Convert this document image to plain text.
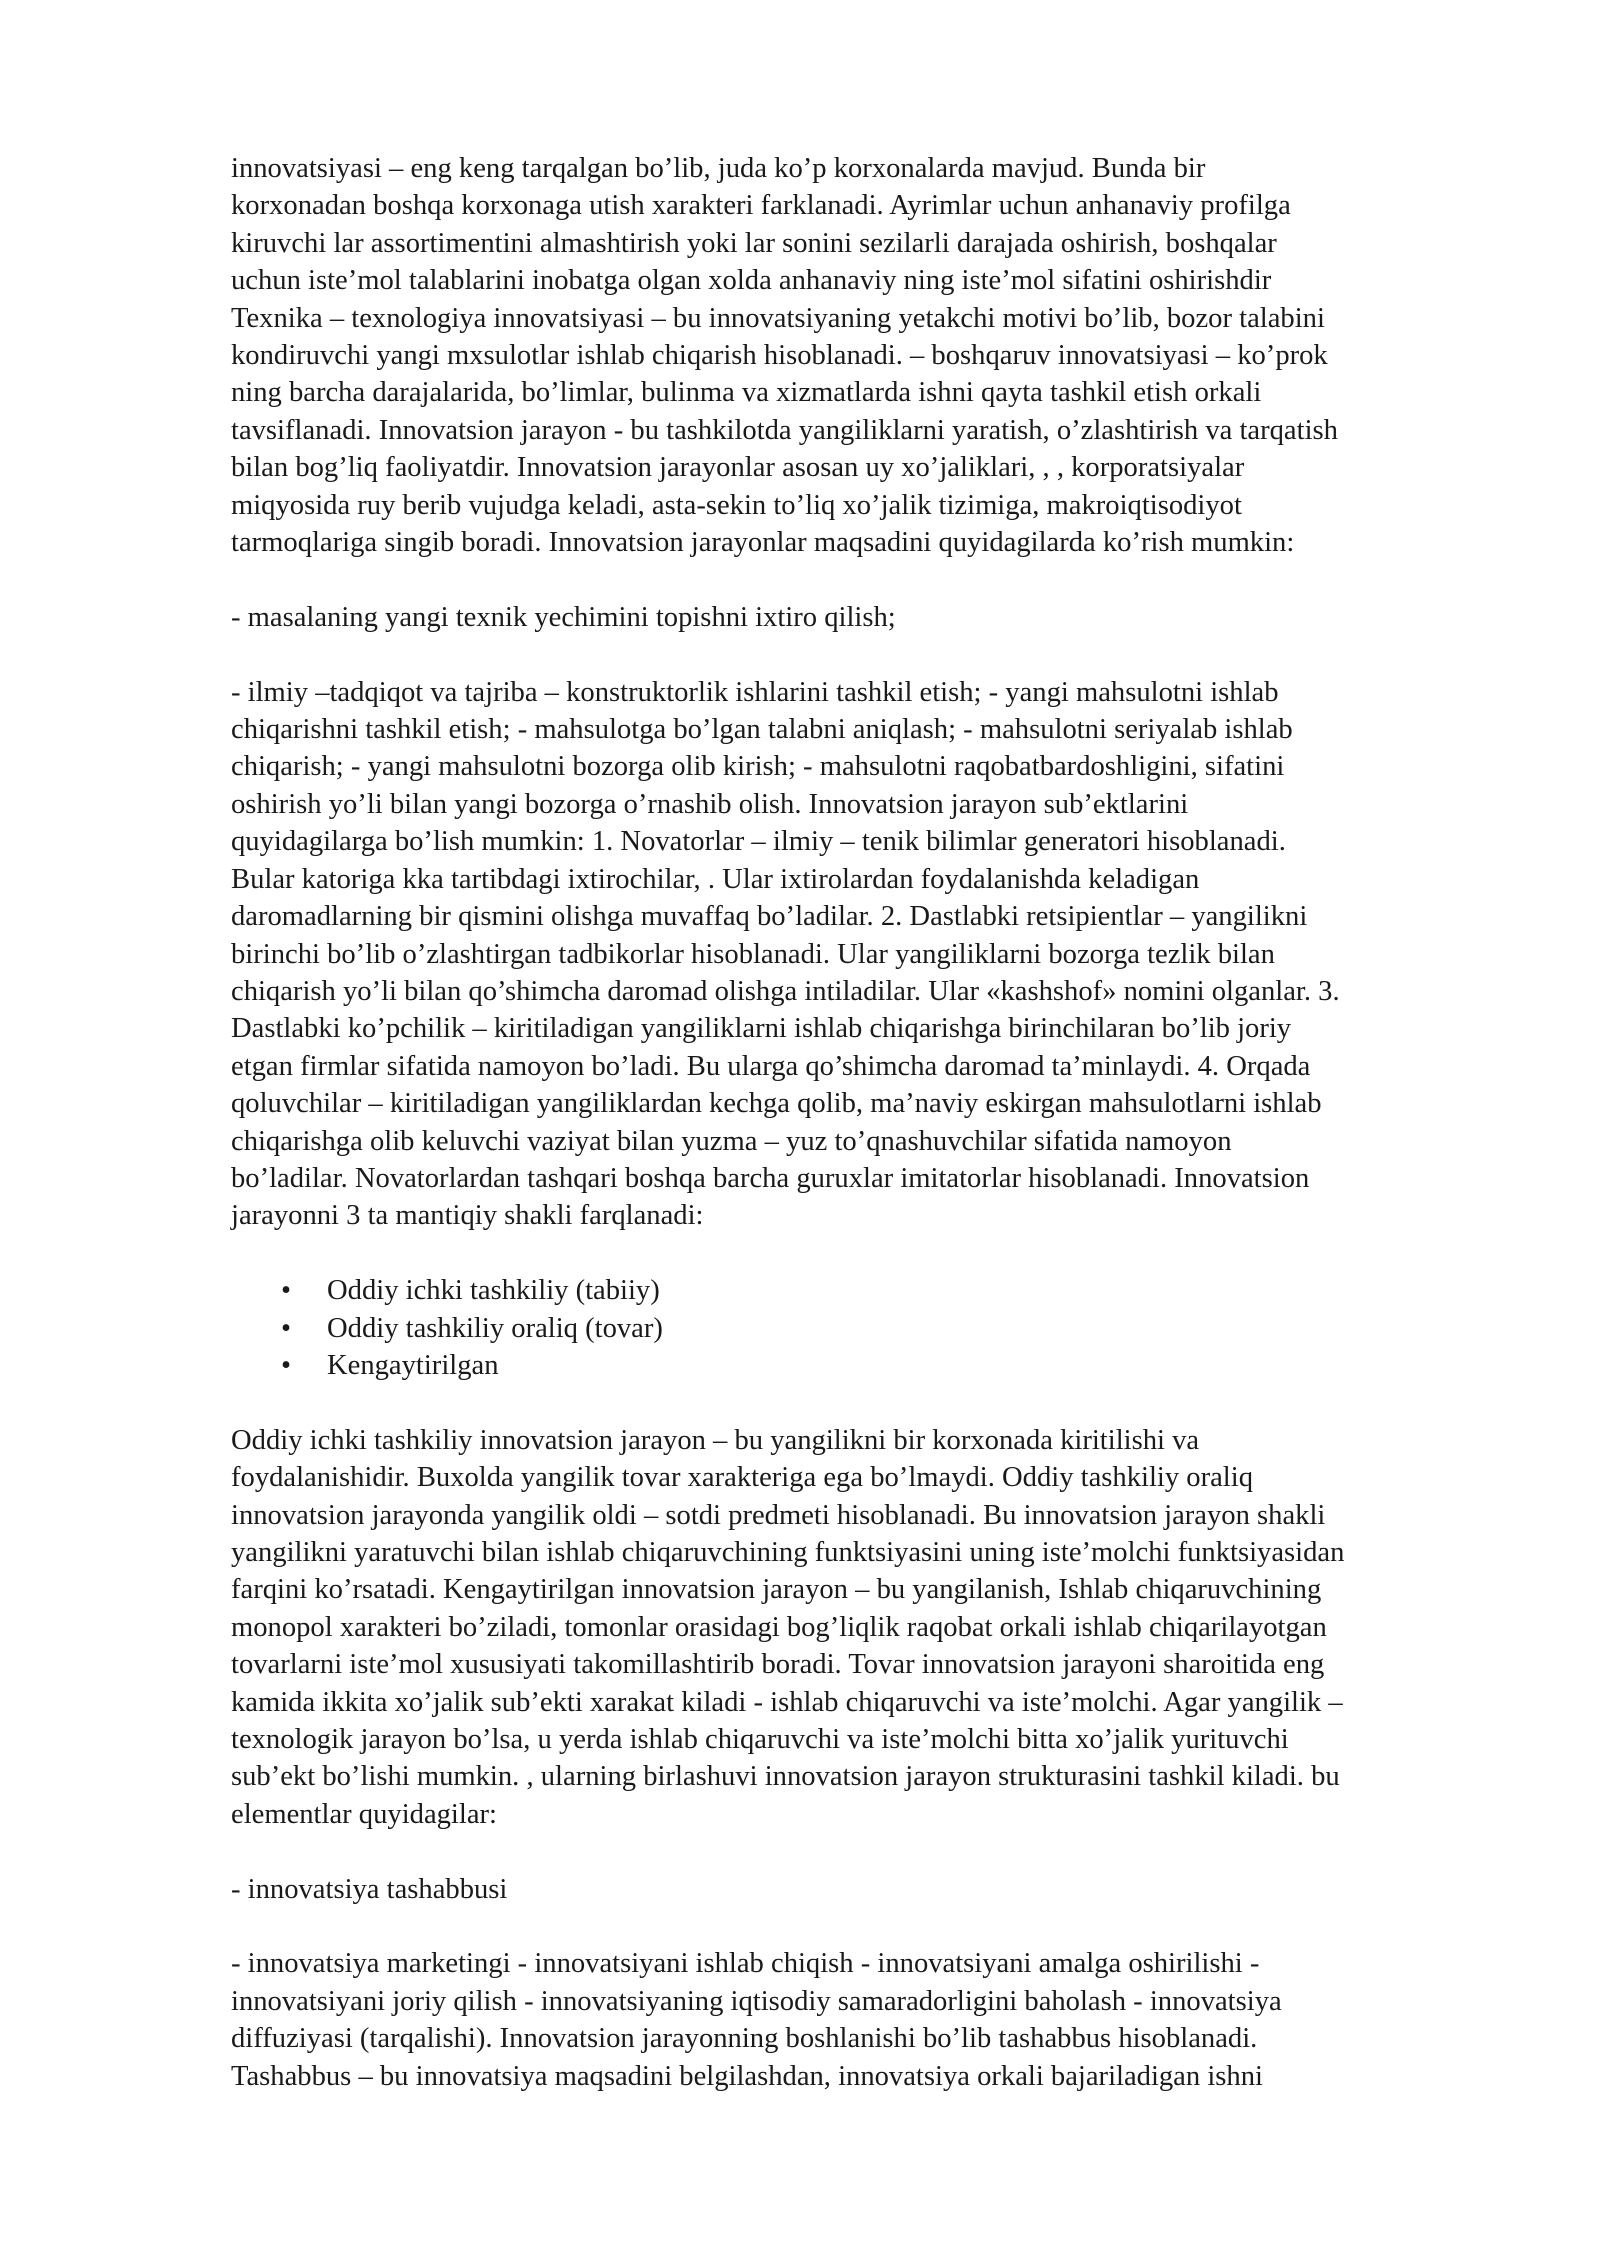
innovatsiyasi – eng keng tarqalgan bo’lib, juda ko’p korxonalarda mavjud. Bunda bir
korxonadan boshqa korxonaga utish xarakteri farklanadi. Ayrimlar uchun anhanaviy profilga
kiruvchi lar assortimentini almashtirish yoki lar sonini sezilarli darajada oshirish, boshqalar
uchun iste’mol talablarini inobatga olgan xolda anhanaviy ning iste’mol sifatini oshirishdir
Texnika – texnologiya innovatsiyasi – bu innovatsiyaning yetakchi motivi bo’lib, bozor talabini
kondiruvchi yangi mxsulotlar ishlab chiqarish hisoblanadi. – boshqaruv innovatsiyasi – ko’prok
ning barcha darajalarida, bo’limlar, bulinma va xizmatlarda ishni qayta tashkil etish orkali
tavsiflanadi. Innovatsion jarayon - bu tashkilotda yangiliklarni yaratish, o’zlashtirish va tarqatish
bilan bog’liq faoliyatdir. Innovatsion jarayonlar asosan uy xo’jaliklari, , , korporatsiyalar
miqyosida ruy berib vujudga keladi, asta-sekin to’liq xo’jalik tizimiga, makroiqtisodiyot
tarmoqlariga singib boradi. Innovatsion jarayonlar maqsadini quyidagilarda ko’rish mumkin:

- masalaning yangi texnik yechimini topishni ixtiro qilish;

- ilmiy –tadqiqot va tajriba – konstruktorlik ishlarini tashkil etish; - yangi mahsulotni ishlab
chiqarishni tashkil etish; - mahsulotga bo’lgan talabni aniqlash; - mahsulotni seriyalab ishlab
chiqarish; - yangi mahsulotni bozorga olib kirish; - mahsulotni raqobatbardoshligini, sifatini
oshirish yo’li bilan yangi bozorga o’rnashib olish. Innovatsion jarayon sub’ektlarini
quyidagilarga bo’lish mumkin: 1. Novatorlar – ilmiy – tenik bilimlar generatori hisoblanadi.
Bular katoriga kka tartibdagi ixtirochilar, . Ular ixtirolardan foydalanishda keladigan
daromadlarning bir qismini olishga muvaffaq bo’ladilar. 2. Dastlabki retsipientlar – yangilikni
birinchi bo’lib o’zlashtirgan tadbikorlar hisoblanadi. Ular yangiliklarni bozorga tezlik bilan
chiqarish yo’li bilan qo’shimcha daromad olishga intiladilar. Ular «kashshof» nomini olganlar. 3.
Dastlabki ko’pchilik – kiritiladigan yangiliklarni ishlab chiqarishga birinchilaran bo’lib joriy
etgan firmlar sifatida namoyon bo’ladi. Bu ularga qo’shimcha daromad ta’minlaydi. 4. Orqada
qoluvchilar – kiritiladigan yangiliklardan kechga qolib, ma’naviy eskirgan mahsulotlarni ishlab
chiqarishga olib keluvchi vaziyat bilan yuzma – yuz to’qnashuvchilar sifatida namoyon
bo’ladilar. Novatorlardan tashqari boshqa barcha guruxlar imitatorlar hisoblanadi. Innovatsion
jarayonni 3 ta mantiqiy shakli farqlanadi:

• Oddiy ichki tashkiliy (tabiiy)
• Oddiy tashkiliy oraliq (tovar)
• Kengaytirilgan

Oddiy ichki tashkiliy innovatsion jarayon – bu yangilikni bir korxonada kiritilishi va
foydalanishidir. Buxolda yangilik tovar xarakteriga ega bo’lmaydi. Oddiy tashkiliy oraliq
innovatsion jarayonda yangilik oldi – sotdi predmeti hisoblanadi. Bu innovatsion jarayon shakli
yangilikni yaratuvchi bilan ishlab chiqaruvchining funktsiyasini uning iste’molchi funktsiyasidan
farqini ko’rsatadi. Kengaytirilgan innovatsion jarayon – bu yangilanish, Ishlab chiqaruvchining
monopol xarakteri bo’ziladi, tomonlar orasidagi bog’liqlik raqobat orkali ishlab chiqarilayotgan
tovarlarni iste’mol xususiyati takomillashtirib boradi. Tovar innovatsion jarayoni sharoitida eng
kamida ikkita xo’jalik sub’ekti xarakat kiladi - ishlab chiqaruvchi va iste’molchi. Agar yangilik –
texnologik jarayon bo’lsa, u yerda ishlab chiqaruvchi va iste’molchi bitta xo’jalik yurituvchi
sub’ekt bo’lishi mumkin. , ularning birlashuvi innovatsion jarayon strukturasini tashkil kiladi. bu
elementlar quyidagilar:

- innovatsiya tashabbusi

- innovatsiya marketingi - innovatsiyani ishlab chiqish - innovatsiyani amalga oshirilishi -
innovatsiyani joriy qilish - innovatsiyaning iqtisodiy samaradorligini baholash - innovatsiya
diffuziyasi (tarqalishi). Innovatsion jarayonning boshlanishi bo’lib tashabbus hisoblanadi.
Tashabbus – bu innovatsiya maqsadini belgilashdan, innovatsiya orkali bajariladigan ishni
